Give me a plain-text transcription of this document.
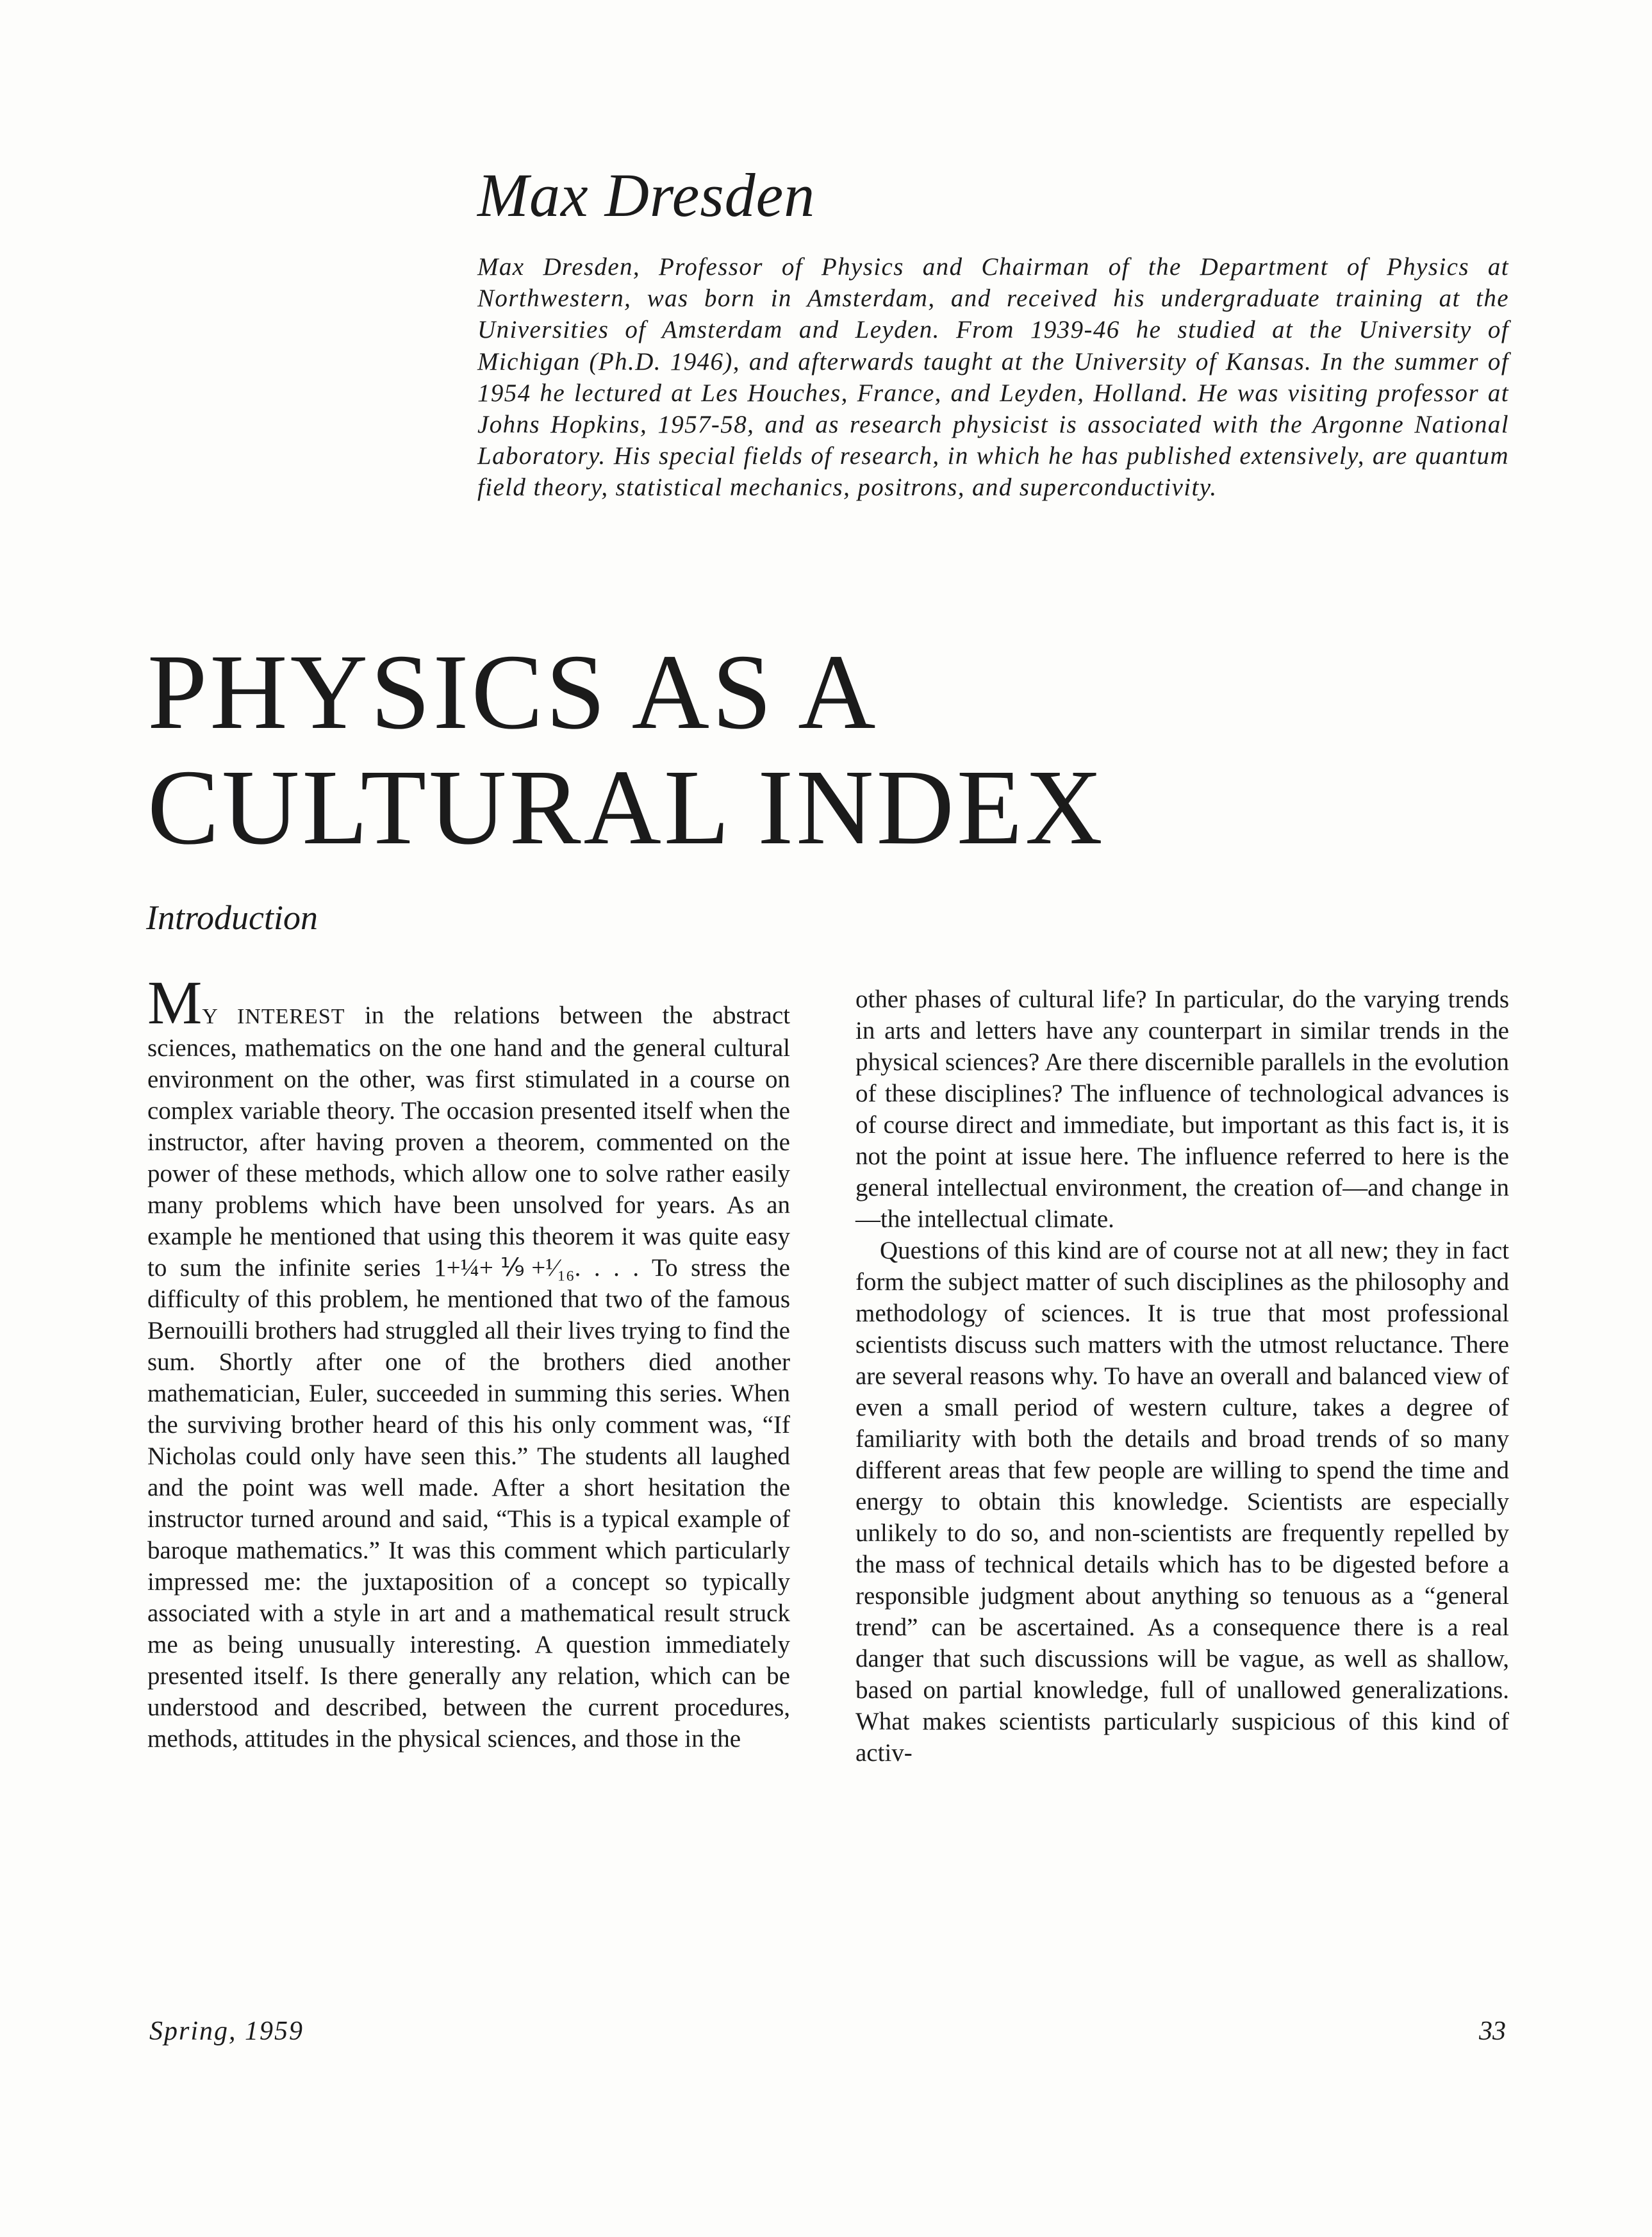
Max Dresden

Max Dresden, Professor of Physics and Chairman of the Department of Physics at Northwestern, was born in Amsterdam, and received his undergraduate training at the Universities of Amsterdam and Leyden. From 1939-46 he studied at the University of Michigan (Ph.D. 1946), and afterwards taught at the University of Kansas. In the summer of 1954 he lectured at Les Houches, France, and Leyden, Holland. He was visiting professor at Johns Hopkins, 1957-58, and as research physicist is associated with the Argonne National Laboratory. His special fields of research, in which he has published extensively, are quantum field theory, statistical mechanics, positrons, and superconductivity.

PHYSICS AS A
CULTURAL INDEX
Introduction

MY INTEREST in the relations between the abstract sciences, mathematics on the one hand and the general cultural environment on the other, was first stimulated in a course on complex variable theory. The occasion presented itself when the instructor, after having proven a theorem, commented on the power of these methods, which allow one to solve rather easily many problems which have been unsolved for years. As an example he mentioned that using this theorem it was quite easy to sum the infinite series 1+¼+⅑+¹⁄₁₆. . . . To stress the difficulty of this problem, he mentioned that two of the famous Bernouilli brothers had struggled all their lives trying to find the sum. Shortly after one of the brothers died another mathematician, Euler, succeeded in summing this series. When the surviving brother heard of this his only comment was, “If Nicholas could only have seen this.” The students all laughed and the point was well made. After a short hesitation the instructor turned around and said, “This is a typical example of baroque mathematics.” It was this comment which particularly impressed me: the juxtaposition of a concept so typically associated with a style in art and a mathematical result struck me as being unusually interesting. A question immediately presented itself. Is there generally any relation, which can be understood and described, between the current procedures, methods, attitudes in the physical sciences, and those in the

other phases of cultural life? In particular, do the varying trends in arts and letters have any counterpart in similar trends in the physical sciences? Are there discernible parallels in the evolution of these disciplines? The influence of technological advances is of course direct and immediate, but important as this fact is, it is not the point at issue here. The influence referred to here is the general intellectual environment, the creation of—and change in—the intellectual climate.

Questions of this kind are of course not at all new; they in fact form the subject matter of such disciplines as the philosophy and methodology of sciences. It is true that most professional scientists discuss such matters with the utmost reluctance. There are several reasons why. To have an overall and balanced view of even a small period of western culture, takes a degree of familiarity with both the details and broad trends of so many different areas that few people are willing to spend the time and energy to obtain this knowledge. Scientists are especially unlikely to do so, and non-scientists are frequently repelled by the mass of technical details which has to be digested before a responsible judgment about anything so tenuous as a “general trend” can be ascertained. As a consequence there is a real danger that such discussions will be vague, as well as shallow, based on partial knowledge, full of unallowed generalizations. What makes scientists particularly suspicious of this kind of activ-

Spring, 1959	33
